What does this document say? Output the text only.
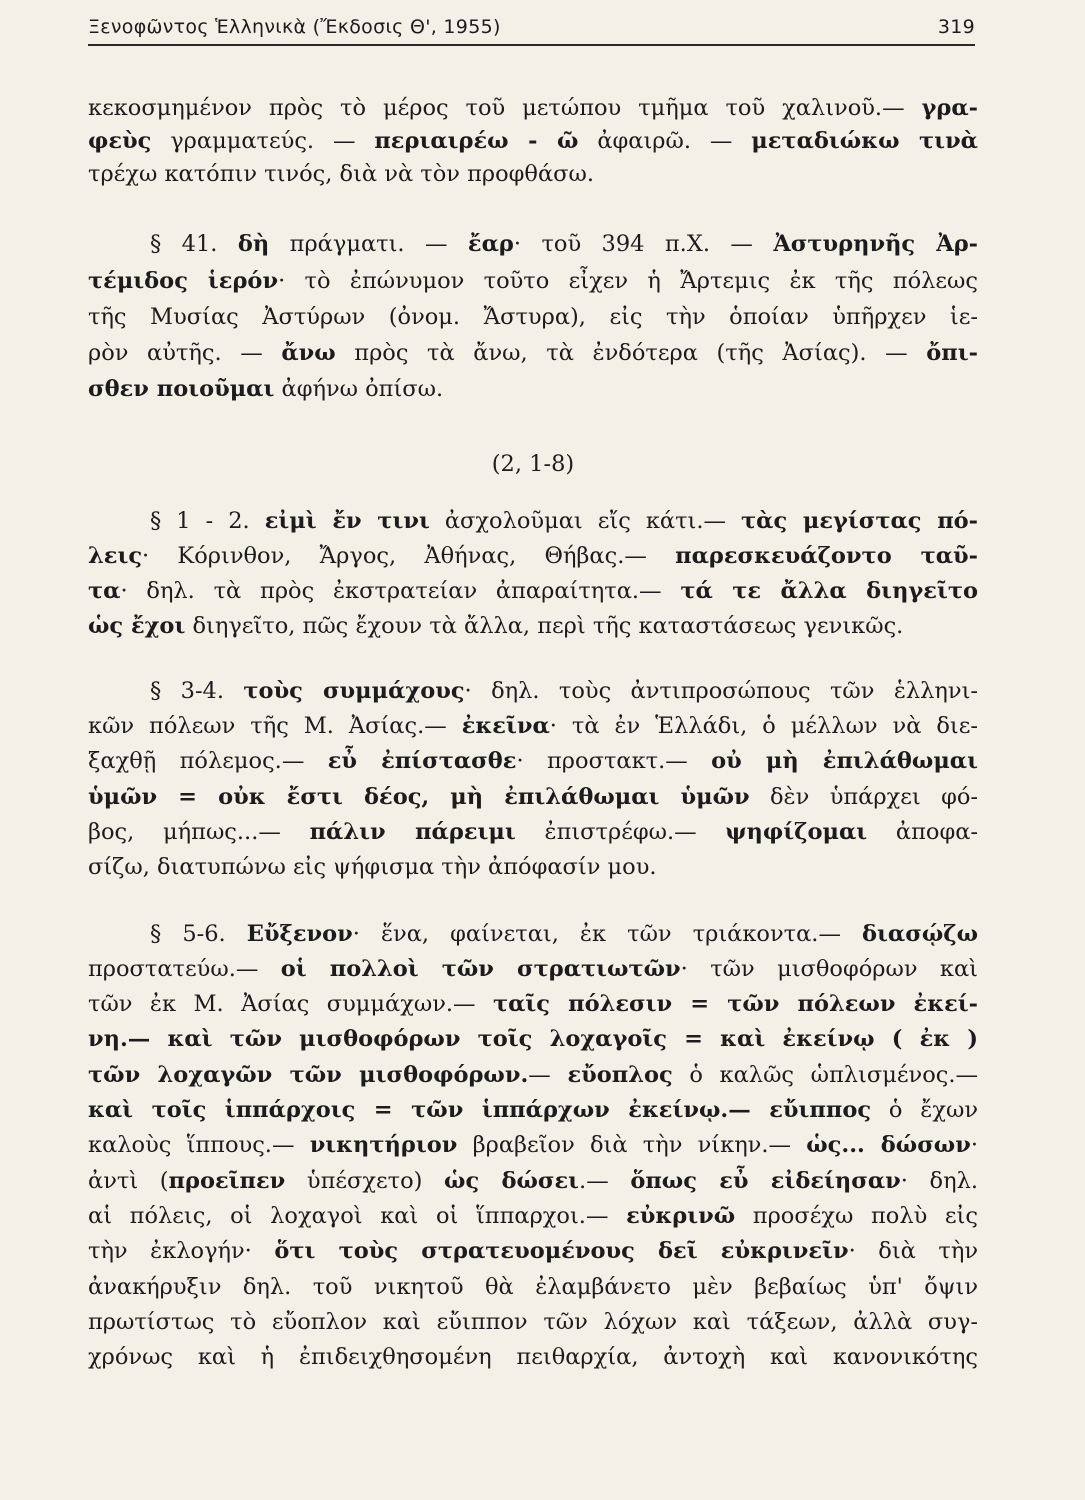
Ξενοφῶντος Ἑλληνικὰ (Ἔκδοσις Θ', 1955)	319
κεκοσμημένον πρὸς τὸ μέρος τοῦ μετώπου τμῆμα τοῦ χαλινοῦ.— γρα-
φεὺς γραμματεύς. — περιαιρέω - ῶ ἀφαιρῶ. — μεταδιώκω τινὰ
τρέχω κατόπιν τινός, διὰ νὰ τὸν προφθάσω.
§ 41. δὴ πράγματι. — ἔαρ· τοῦ 394 π.Χ. — Ἀστυρηνῆς Ἀρ-
τέμιδος ἱερόν· τὸ ἐπώνυμον τοῦτο εἶχεν ἡ Ἄρτεμις ἐκ τῆς πόλεως
τῆς Μυσίας Ἀστύρων (ὀνομ. Ἄστυρα), εἰς τὴν ὁποίαν ὑπῆρχεν ἱε-
ρὸν αὐτῆς. — ἄνω πρὸς τὰ ἄνω, τὰ ἐνδότερα (τῆς Ἀσίας). — ὄπι-
σθεν ποιοῦμαι ἀφήνω ὀπίσω.
(2, 1-8)
§ 1 - 2. εἰμὶ ἔν τινι ἀσχολοῦμαι εἴς κάτι.— τὰς μεγίστας πό-
λεις· Κόρινθον, Ἄργος, Ἀθήνας, Θήβας.— παρεσκευάζοντο ταῦ-
τα· δηλ. τὰ πρὸς ἐκστρατείαν ἀπαραίτητα.— τά τε ἄλλα διηγεῖτο
ὡς ἔχοι διηγεῖτο, πῶς ἔχουν τὰ ἄλλα, περὶ τῆς καταστάσεως γενικῶς.
§ 3-4. τοὺς συμμάχους· δηλ. τοὺς ἀντιπροσώπους τῶν ἑλληνι-
κῶν πόλεων τῆς Μ. Ἀσίας.— ἐκεῖνα· τὰ ἐν Ἑλλάδι, ὁ μέλλων νὰ διε-
ξαχθῇ πόλεμος.— εὖ ἐπίστασθε· προστακτ.— οὐ μὴ ἐπιλάθωμαι
ὑμῶν = οὐκ ἔστι δέος, μὴ ἐπιλάθωμαι ὑμῶν δὲν ὑπάρχει φό-
βος, μήπως...— πάλιν πάρειμι ἐπιστρέφω.— ψηφίζομαι ἀποφα-
σίζω, διατυπώνω εἰς ψήφισμα τὴν ἀπόφασίν μου.
§ 5-6. Εὔξενον· ἕνα, φαίνεται, ἐκ τῶν τριάκοντα.— διασῴζω
προστατεύω.— οἱ πολλοὶ τῶν στρατιωτῶν· τῶν μισθοφόρων καὶ
τῶν ἐκ Μ. Ἀσίας συμμάχων.— ταῖς πόλεσιν = τῶν πόλεων ἐκεί-
νη.— καὶ τῶν μισθοφόρων τοῖς λοχαγοῖς = καὶ ἐκείνῳ ( ἐκ )
τῶν λοχαγῶν τῶν μισθοφόρων.— εὔοπλος ὁ καλῶς ὡπλισμένος.—
καὶ τοῖς ἱππάρχοις = τῶν ἱππάρχων ἐκείνῳ.— εὔιππος ὁ ἔχων
καλοὺς ἵππους.— νικητήριον βραβεῖον διὰ τὴν νίκην.— ὡς... δώσων·
ἀντὶ (προεῖπεν ὑπέσχετο) ὡς δώσει.— ὅπως εὖ εἰδείησαν· δηλ.
αἱ πόλεις, οἱ λοχαγοὶ καὶ οἱ ἵππαρχοι.— εὐκρινῶ προσέχω πολὺ εἰς
τὴν ἐκλογήν· ὅτι τοὺς στρατευομένους δεῖ εὐκρινεῖν· διὰ τὴν
ἀνακήρυξιν δηλ. τοῦ νικητοῦ θὰ ἐλαμβάνετο μὲν βεβαίως ὑπ' ὄψιν
πρωτίστως τὸ εὔοπλον καὶ εὔιππον τῶν λόχων καὶ τάξεων, ἀλλὰ συγ-
χρόνως καὶ ἡ ἐπιδειχθησομένη πειθαρχία, ἀντοχὴ καὶ κανονικότης
